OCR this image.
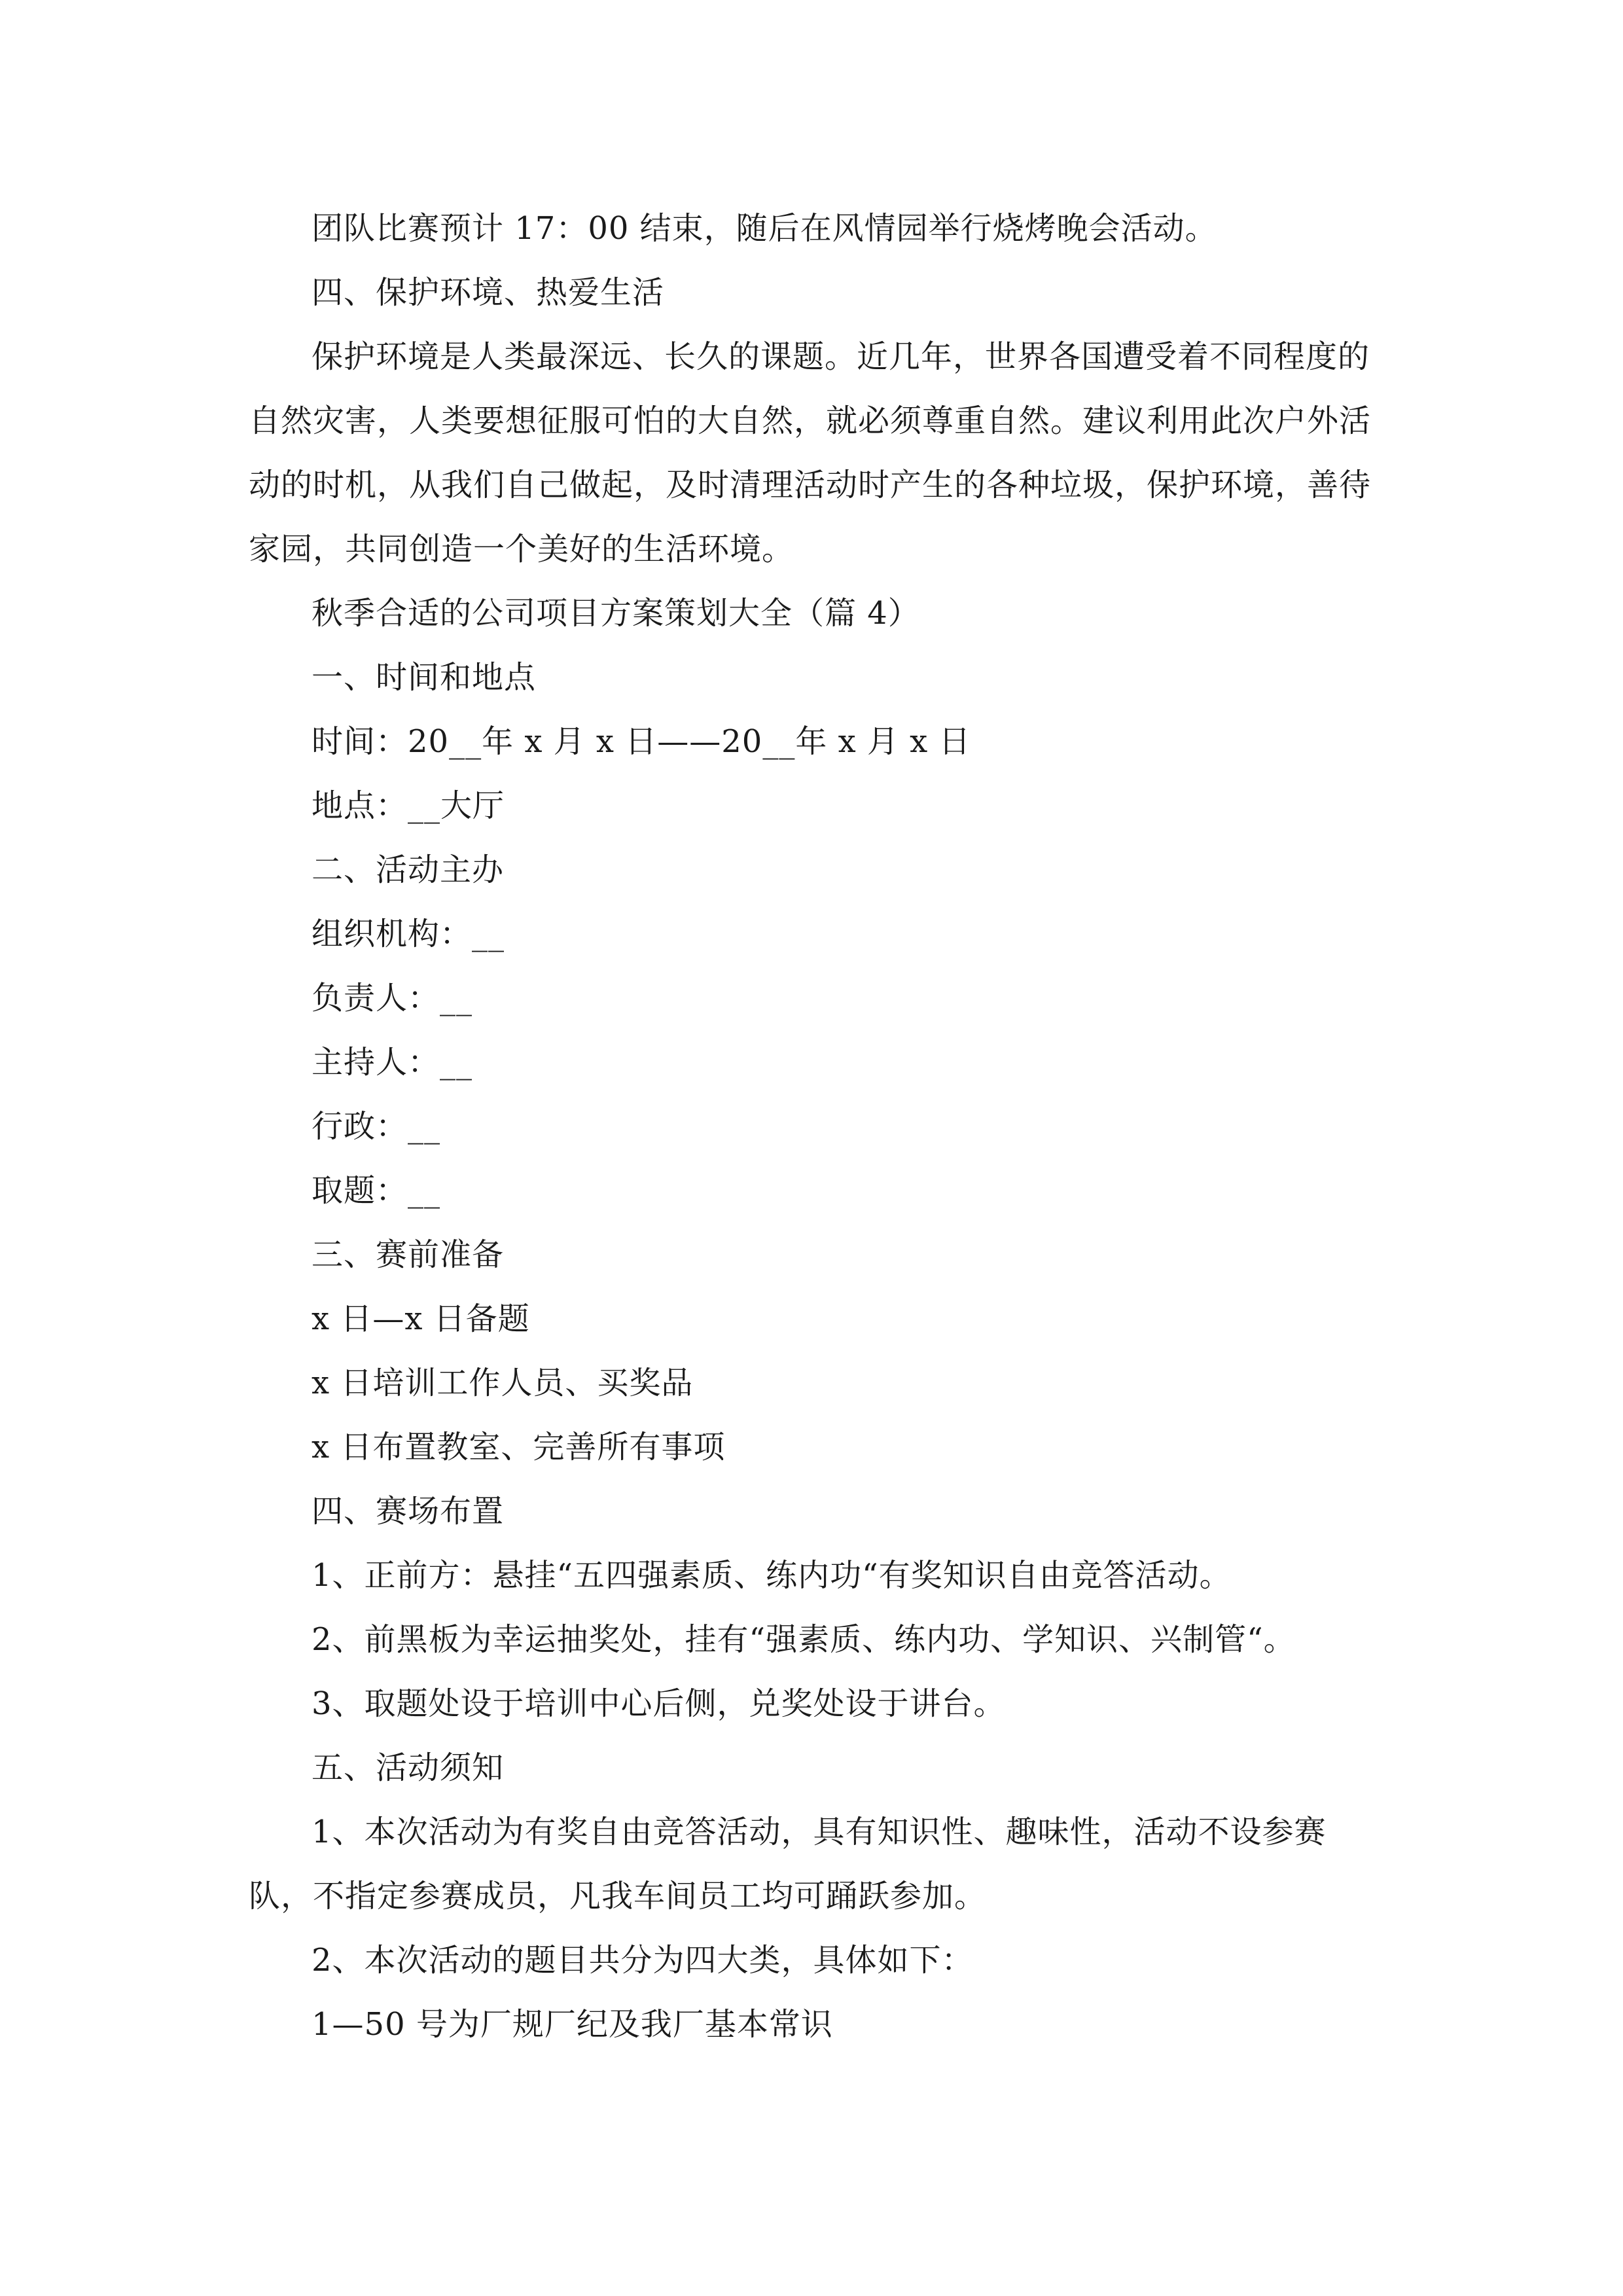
团队比赛预计 17：00 结束，随后在风情园举行烧烤晚会活动。

四、保护环境、热爱生活

保护环境是人类最深远、长久的课题。近几年，世界各国遭受着不同程度的自然灾害，人类要想征服可怕的大自然，就必须尊重自然。建议利用此次户外活动的时机，从我们自己做起，及时清理活动时产生的各种垃圾，保护环境，善待家园，共同创造一个美好的生活环境。

秋季合适的公司项目方案策划大全（篇 4）

一、时间和地点

时间：20__年 x 月 x 日——20__年 x 月 x 日

地点：__大厅

二、活动主办

组织机构：__

负责人：__

主持人：__

行政：__

取题：__

三、赛前准备

x 日—x 日备题

x 日培训工作人员、买奖品

x 日布置教室、完善所有事项

四、赛场布置

1、正前方：悬挂“五四强素质、练内功“有奖知识自由竞答活动。

2、前黑板为幸运抽奖处，挂有“强素质、练内功、学知识、兴制管“。

3、取题处设于培训中心后侧，兑奖处设于讲台。

五、活动须知

1、本次活动为有奖自由竞答活动，具有知识性、趣味性，活动不设参赛队，不指定参赛成员，凡我车间员工均可踊跃参加。

2、本次活动的题目共分为四大类，具体如下：

1—50 号为厂规厂纪及我厂基本常识
